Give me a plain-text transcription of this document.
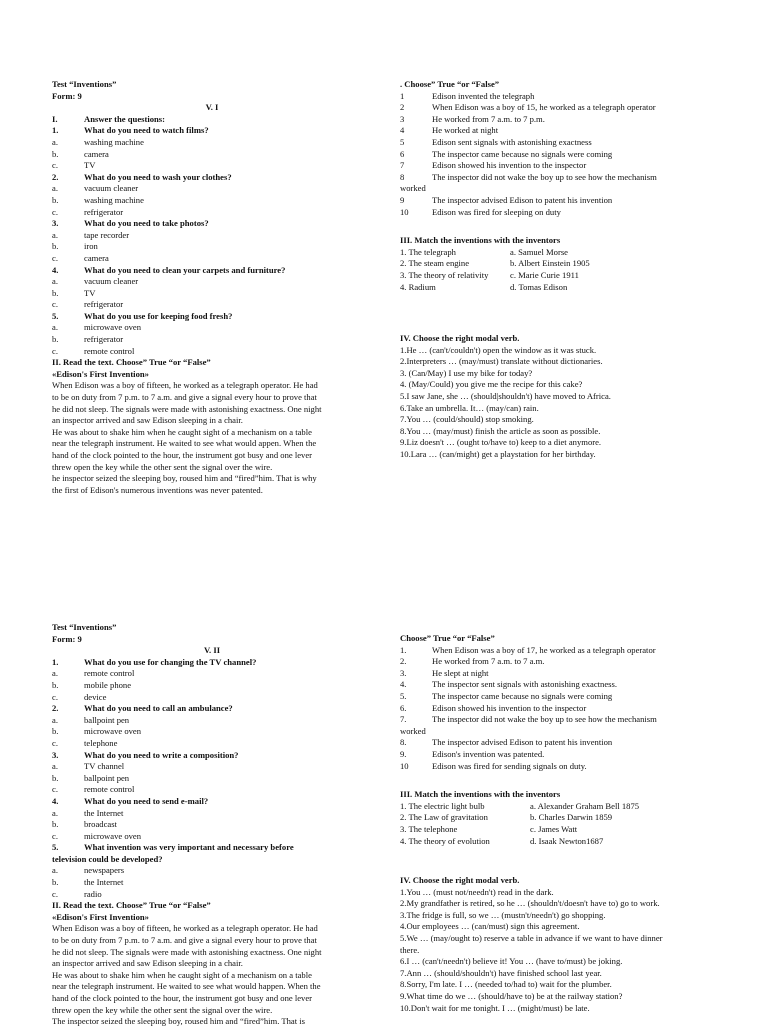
Test “Inventions”
Form: 9
V. I
I.	Answer the questions:
1.	What do you need to watch films?
a.	washing machine
b.	camera
c.	TV
2.	What do you need to wash your clothes?
a.	vacuum cleaner
b.	washing machine
c.	refrigerator
3.	What do you need to take photos?
a.	tape recorder
b.	iron
c.	camera
4.	What do you need to clean your carpets and furniture?
a.	vacuum cleaner
b.	TV
c.	refrigerator
5.	What do you use for keeping food fresh?
a.	microwave oven
b.	refrigerator
c.	remote control
II. Read the text. Choose” True “or “False”
«Edison's First Invention»
When Edison was a boy of fifteen, he worked as a telegraph operator. He had
to be on duty from 7 p.m. to 7 a.m. and give a signal every hour to prove that
he did not sleep. The signals were made with astonishing exactness. One night
an inspector arrived and saw Edison sleeping in a chair.
He was about to shake him when he caught sight of a mechanism on a table
near the telegraph instrument. He waited to see what would appen. When the
hand of the clock pointed to the hour, the instrument got busy and one lever
threw open the key while the other sent the signal over the wire.
he inspector seized the sleeping boy, roused him and “fired”him. That is why
the first of Edison's numerous inventions was never patented.
. Choose” True “or “False”
1	Edison invented the telegraph
2	When Edison was a boy of 15, he worked as a telegraph operator
3	He worked from 7 a.m. to 7 p.m.
4	He worked at night
5	Edison sent signals with astonishing exactness
6	The inspector came because no signals were coming
7	Edison showed his invention to the inspector
8	The inspector did not wake the boy up to see how the mechanism
worked
9	The inspector advised Edison to patent his invention
10	Edison was fired for sleeping on duty
III. Match the inventions with the inventors
1. The telegraph	a. Samuel Morse
2. The steam engine	b. Albert Einstein 1905
3. The theory of relativity	c. Marie Curie 1911
4. Radium	d. Tomas Edison
IV. Choose the right modal verb.
1.He … (can't/couldn't) open the window as it was stuck.
2.Interpreters … (may/must) translate without dictionaries.
3. (Can/May) I use my bike for today?
4. (May/Could) you give me the recipe for this cake?
5.I saw Jane, she … (should|shouldn't) have moved to Africa.
6.Take an umbrella. It… (may/can) rain.
7.You … (could/should) stop smoking.
8.You … (may/must) finish the article as soon as possible.
9.Liz doesn't … (ought to/have to) keep to a diet anymore.
10.Lara … (can/might) get a playstation for her birthday.
Test “Inventions”
Form: 9
V. II
1.	What do you use for changing the TV channel?
a.	remote control
b.	mobile phone
c.	device
2.	What do you need to call an ambulance?
a.	ballpoint pen
b.	microwave oven
c.	telephone
3.	What do you need to write a composition?
a.	TV channel
b.	ballpoint pen
c.	remote control
4.	What do you need to send e-mail?
a.	the Internet
b.	broadcast
c.	microwave oven
5.	What invention was very important and necessary before
television could be developed?
a.	newspapers
b.	the Internet
c.	radio
II. Read the text. Choose” True “or “False”
«Edison's First Invention»
When Edison was a boy of fifteen, he worked as a telegraph operator. He had
to be on duty from 7 p.m. to 7 a.m. and give a signal every hour to prove that
he did not sleep. The signals were made with astonishing exactness. One night
an inspector arrived and saw Edison sleeping in a chair.
He was about to shake him when he caught sight of a mechanism on a table
near the telegraph instrument. He waited to see what would happen. When the
hand of the clock pointed to the hour, the instrument got busy and one lever
threw open the key while the other sent the signal over the wire.
The inspector seized the sleeping boy, roused him and “fired”him. That is
Choose” True “or “False”
1.	When Edison was a boy of 17, he worked as a telegraph operator
2.	He worked from 7 a.m. to 7 a.m.
3.	He slept at night
4.	The inspector sent signals with astonishing exactness.
5.	The inspector came because no signals were coming
6.	Edison showed his invention to the inspector
7.	The inspector did not wake the boy up to see how the mechanism
worked
8.	The inspector advised Edison to patent his invention
9.	Edison's invention was patented.
10	Edison was fired for sending signals on duty.
III. Match the inventions with the inventors
1. The electric light bulb	a. Alexander Graham Bell 1875
2. The Law of gravitation	b. Charles Darwin 1859
3. The telephone	c. James Watt
4. The theory of evolution	d. Isaak Newton1687
IV. Choose the right modal verb.
1.You … (must not/needn't) read in the dark.
2.My grandfather is retired, so he … (shouldn't/doesn't have to) go to work.
3.The fridge is full, so we … (mustn't/needn't) go shopping.
4.Our employees … (can/must) sign this agreement.
5.We … (may/ought to) reserve a table in advance if we want to have dinner
there.
6.I … (can't/needn't) believe it! You … (have to/must) be joking.
7.Ann … (should/shouldn't) have finished school last year.
8.Sorry, I'm late. I … (needed to/had to) wait for the plumber.
9.What time do we … (should/have to) be at the railway station?
10.Don't wait for me tonight. I … (might/must) be late.
